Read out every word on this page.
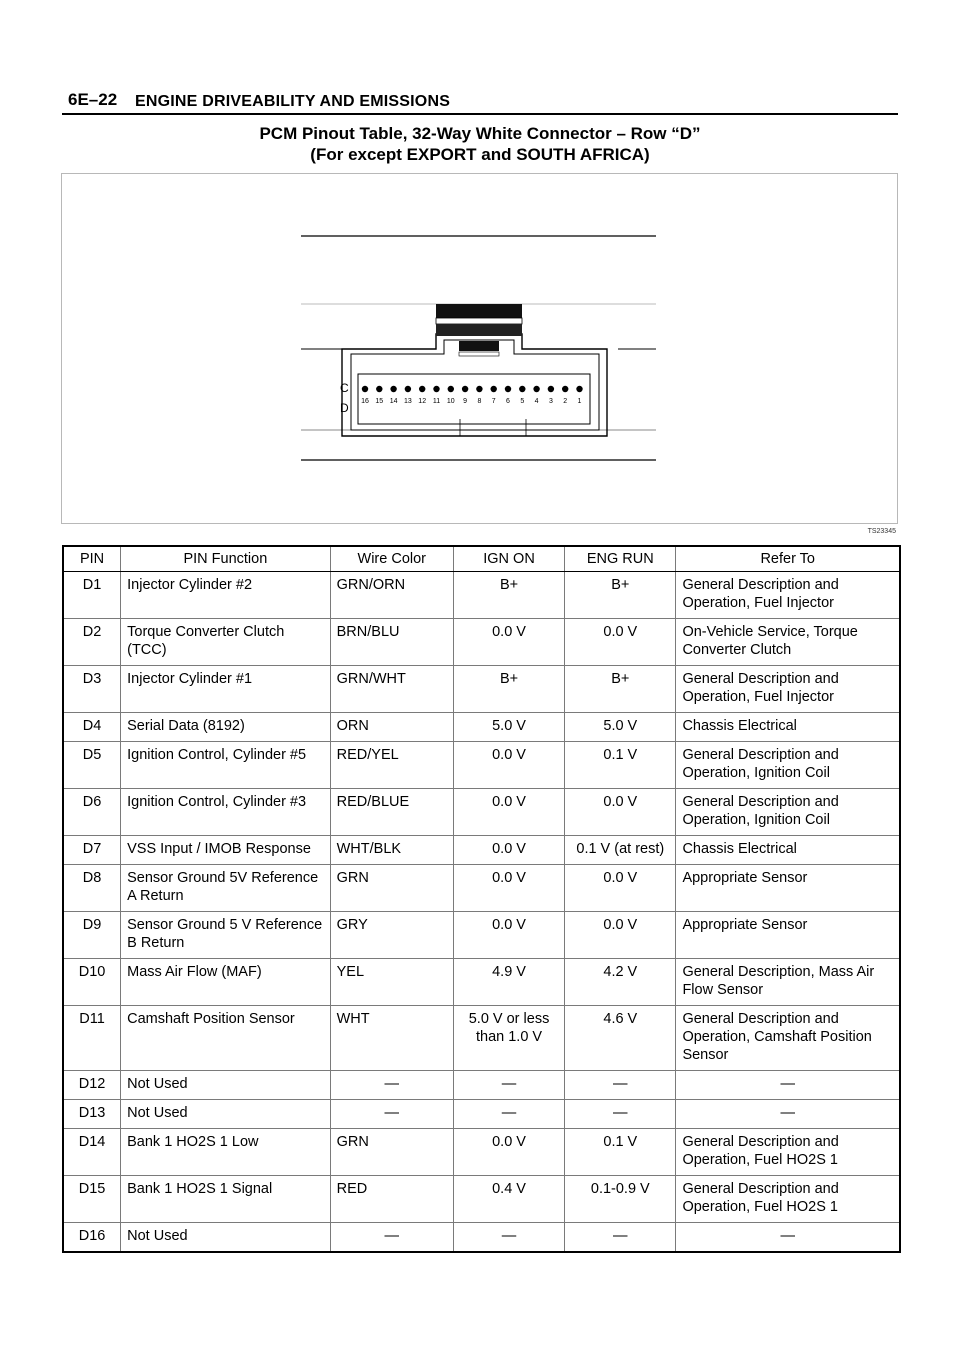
6E–22 ENGINE DRIVEABILITY AND EMISSIONS
PCM Pinout Table, 32-Way White Connector – Row “D”
(For except EXPORT and SOUTH AFRICA)
C
D 16 15 14 13 12 11 10 9 8 7 6 5 4 3 2 1
TS23345
PIN	PIN Function	Wire Color	IGN ON	ENG RUN	Refer To
D1	Injector Cylinder #2	GRN/ORN	B+	B+	General Description and Operation, Fuel Injector
D2	Torque Converter Clutch (TCC)	BRN/BLU	0.0 V	0.0 V	On-Vehicle Service, Torque Converter Clutch
D3	Injector Cylinder #1	GRN/WHT	B+	B+	General Description and Operation, Fuel Injector
D4	Serial Data (8192)	ORN	5.0 V	5.0 V	Chassis Electrical
D5	Ignition Control, Cylinder #5	RED/YEL	0.0 V	0.1 V	General Description and Operation, Ignition Coil
D6	Ignition Control, Cylinder #3	RED/BLUE	0.0 V	0.0 V	General Description and Operation, Ignition Coil
D7	VSS Input / IMOB Response	WHT/BLK	0.0 V	0.1 V (at rest)	Chassis Electrical
D8	Sensor Ground 5V Reference A Return	GRN	0.0 V	0.0 V	Appropriate Sensor
D9	Sensor Ground 5 V Reference B Return	GRY	0.0 V	0.0 V	Appropriate Sensor
D10	Mass Air Flow (MAF)	YEL	4.9 V	4.2 V	General Description, Mass Air Flow Sensor
D11	Camshaft Position Sensor	WHT	5.0 V or less than 1.0 V	4.6 V	General Description and Operation, Camshaft Position Sensor
D12	Not Used	—	—	—	—
D13	Not Used	—	—	—	—
D14	Bank 1 HO2S 1 Low	GRN	0.0 V	0.1 V	General Description and Operation, Fuel HO2S 1
D15	Bank 1 HO2S 1 Signal	RED	0.4 V	0.1-0.9 V	General Description and Operation, Fuel HO2S 1
D16	Not Used	—	—	—	—
